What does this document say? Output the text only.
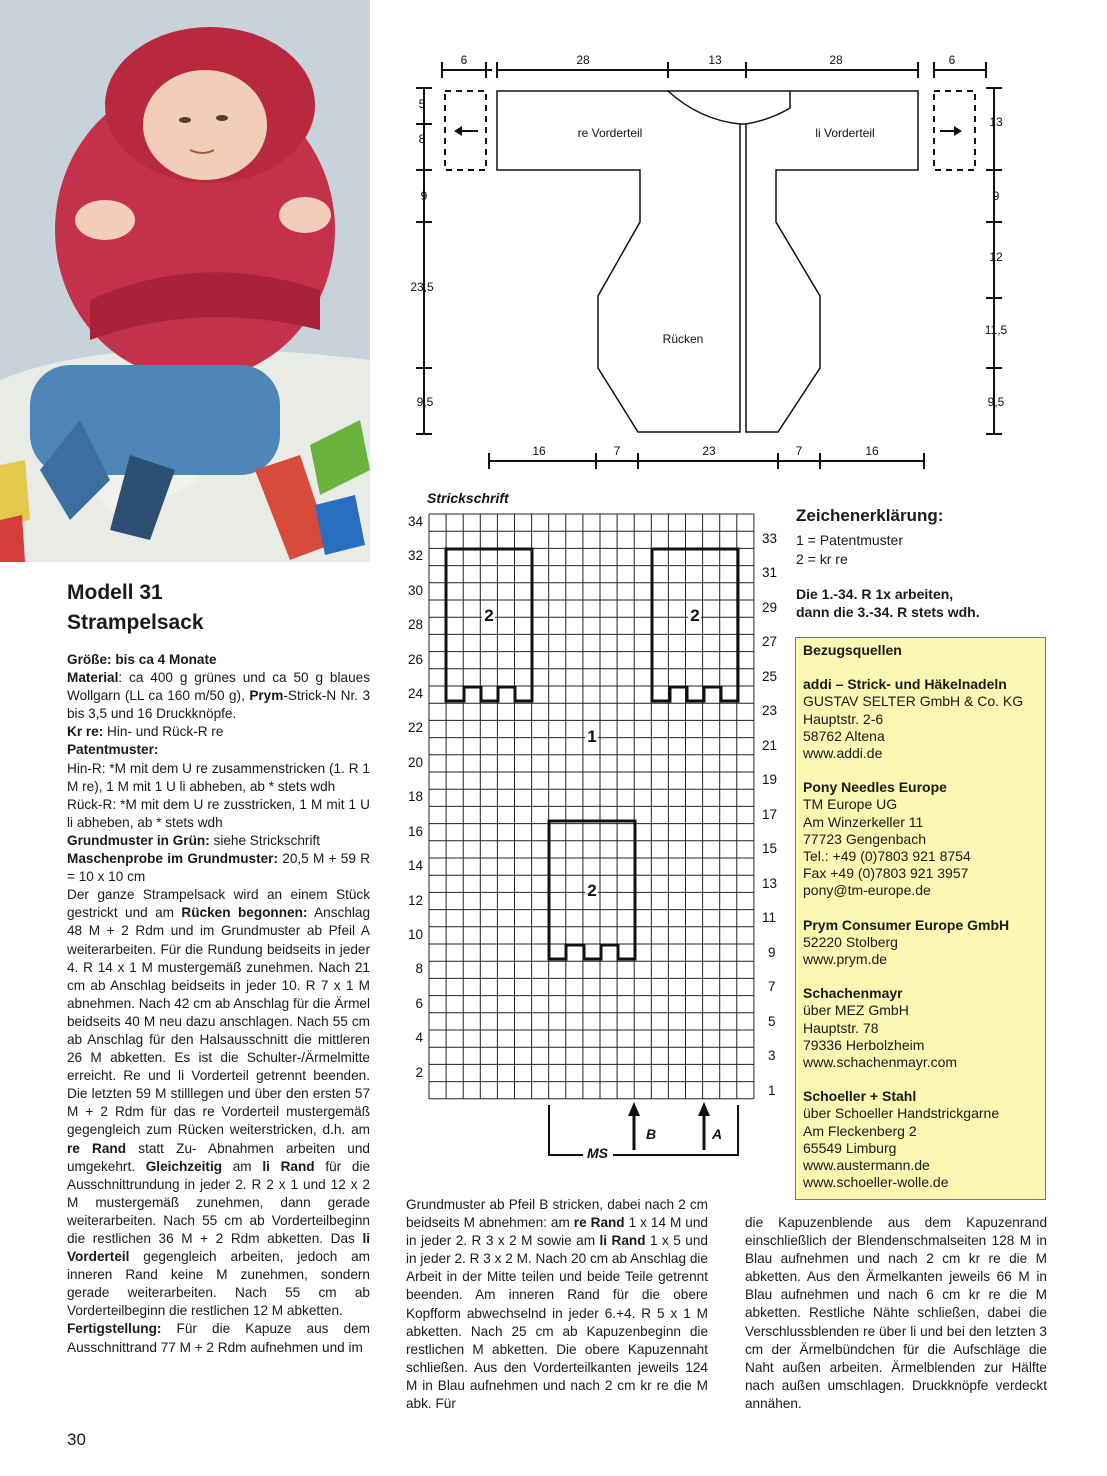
Modell 31
Strampelsack

Größe: bis ca 4 Monate

Material: ca 400 g grünes und ca 50 g blaues Wollgarn (LL ca 160 m/50 g), Prym-Strick-N Nr. 3 bis 3,5 und 16 Druckknöpfe.

Kr re: Hin- und Rück-R re

Patentmuster:

Hin-R: *M mit dem U re zusammenstricken (1. R 1 M re), 1 M mit 1 U li abheben, ab * stets wdh

Rück-R: *M mit dem U re zusstricken, 1 M mit 1 U li abheben, ab * stets wdh

Grundmuster in Grün: siehe Strickschrift

Maschenprobe im Grundmuster: 20,5 M + 59 R = 10 x 10 cm

Der ganze Strampelsack wird an einem Stück gestrickt und am Rücken begonnen: Anschlag 48 M + 2 Rdm und im Grundmuster ab Pfeil A weiterarbeiten. Für die Rundung beidseits in jeder 4. R 14 x 1 M mustergemäß zunehmen. Nach 21 cm ab Anschlag beidseits in jeder 10. R 7 x 1 M abnehmen. Nach 42 cm ab Anschlag für die Ärmel beidseits 40 M neu dazu anschlagen. Nach 55 cm ab Anschlag für den Halsausschnitt die mittleren 26 M abketten. Es ist die Schulter-/Ärmelmitte erreicht. Re und li Vorderteil getrennt beenden. Die letzten 59 M stilllegen und über den ersten 57 M + 2 Rdm für das re Vorderteil mustergemäß gegengleich zum Rücken weiterstricken, d.h. am re Rand statt Zu- Abnahmen arbeiten und umgekehrt. Gleichzeitig am li Rand für die Ausschnittrundung in jeder 2. R 2 x 1 und 12 x 2 M mustergemäß zunehmen, dann gerade weiterarbeiten. Nach 55 cm ab Vorderteilbeginn die restlichen 36 M + 2 Rdm abketten. Das li Vorderteil gegengleich arbeiten, jedoch am inneren Rand keine M zunehmen, sondern gerade weiterarbeiten. Nach 55 cm ab Vorderteilbeginn die restlichen 12 M abketten.

Fertigstellung: Für die Kapuze aus dem Ausschnittrand 77 M + 2 Rdm aufnehmen und im

Grundmuster ab Pfeil B stricken, dabei nach 2 cm beidseits M abnehmen: am re Rand 1 x 14 M und in jeder 2. R 3 x 2 M sowie am li Rand 1 x 5 und in jeder 2. R 3 x 2 M. Nach 20 cm ab Anschlag die Arbeit in der Mitte teilen und beide Teile getrennt beenden. Am inneren Rand für die obere Kopfform abwechselnd in jeder 6.+4. R 5 x 1 M abketten. Nach 25 cm ab Kapuzenbeginn die restlichen M abketten. Die obere Kapuzennaht schließen. Aus den Vorderteilkanten jeweils 124 M in Blau aufnehmen und nach 2 cm kr re die M abk. Für

die Kapuzenblende aus dem Kapuzenrand einschließlich der Blendenschmalseiten 128 M in Blau aufnehmen und nach 2 cm kr re die M abketten. Aus den Ärmelkanten jeweils 66 M in Blau aufnehmen und nach 6 cm kr re die M abketten. Restliche Nähte schließen, dabei die Verschlussblenden re über li und bei den letzten 3 cm der Ärmelbündchen für die Aufschläge die Naht außen arbeiten. Ärmelblenden zur Hälfte nach außen umschlagen. Druckknöpfe verdeckt annähen.

6	28	13	28	6
5
8
9
23,5
9,5
13
9
12
11,5
9,5
16	7	23	7	16
re Vorderteil	li Vorderteil
Rücken
Strickschrift
B	A
MS
2	2
1
2
34
32
30
28
26
24
22
20
18
16
14
12
10
8
6
4
2
33
31
29
27
25
23
21
19
17
15
13
11
9
7
5
3
1
Zeichenerklärung:
1 = Patentmuster
2 = kr re
Die 1.-34. R 1x arbeiten,
dann die 3.-34. R stets wdh.
Bezugsquellen
addi – Strick- und Häkelnadeln
GUSTAV SELTER GmbH & Co. KG
Hauptstr. 2-6
58762 Altena
www.addi.de
Pony Needles Europe
TM Europe UG
Am Winzerkeller 11
77723 Gengenbach
Tel.: +49 (0)7803 921 8754
Fax +49 (0)7803 921 3957
pony@tm-europe.de
Prym Consumer Europe GmbH
52220 Stolberg
www.prym.de
Schachenmayr
über MEZ GmbH
Hauptstr. 78
79336 Herbolzheim
www.schachenmayr.com
Schoeller + Stahl
über Schoeller Handstrickgarne
Am Fleckenberg 2
65549 Limburg
www.austermann.de
www.schoeller-wolle.de
30
